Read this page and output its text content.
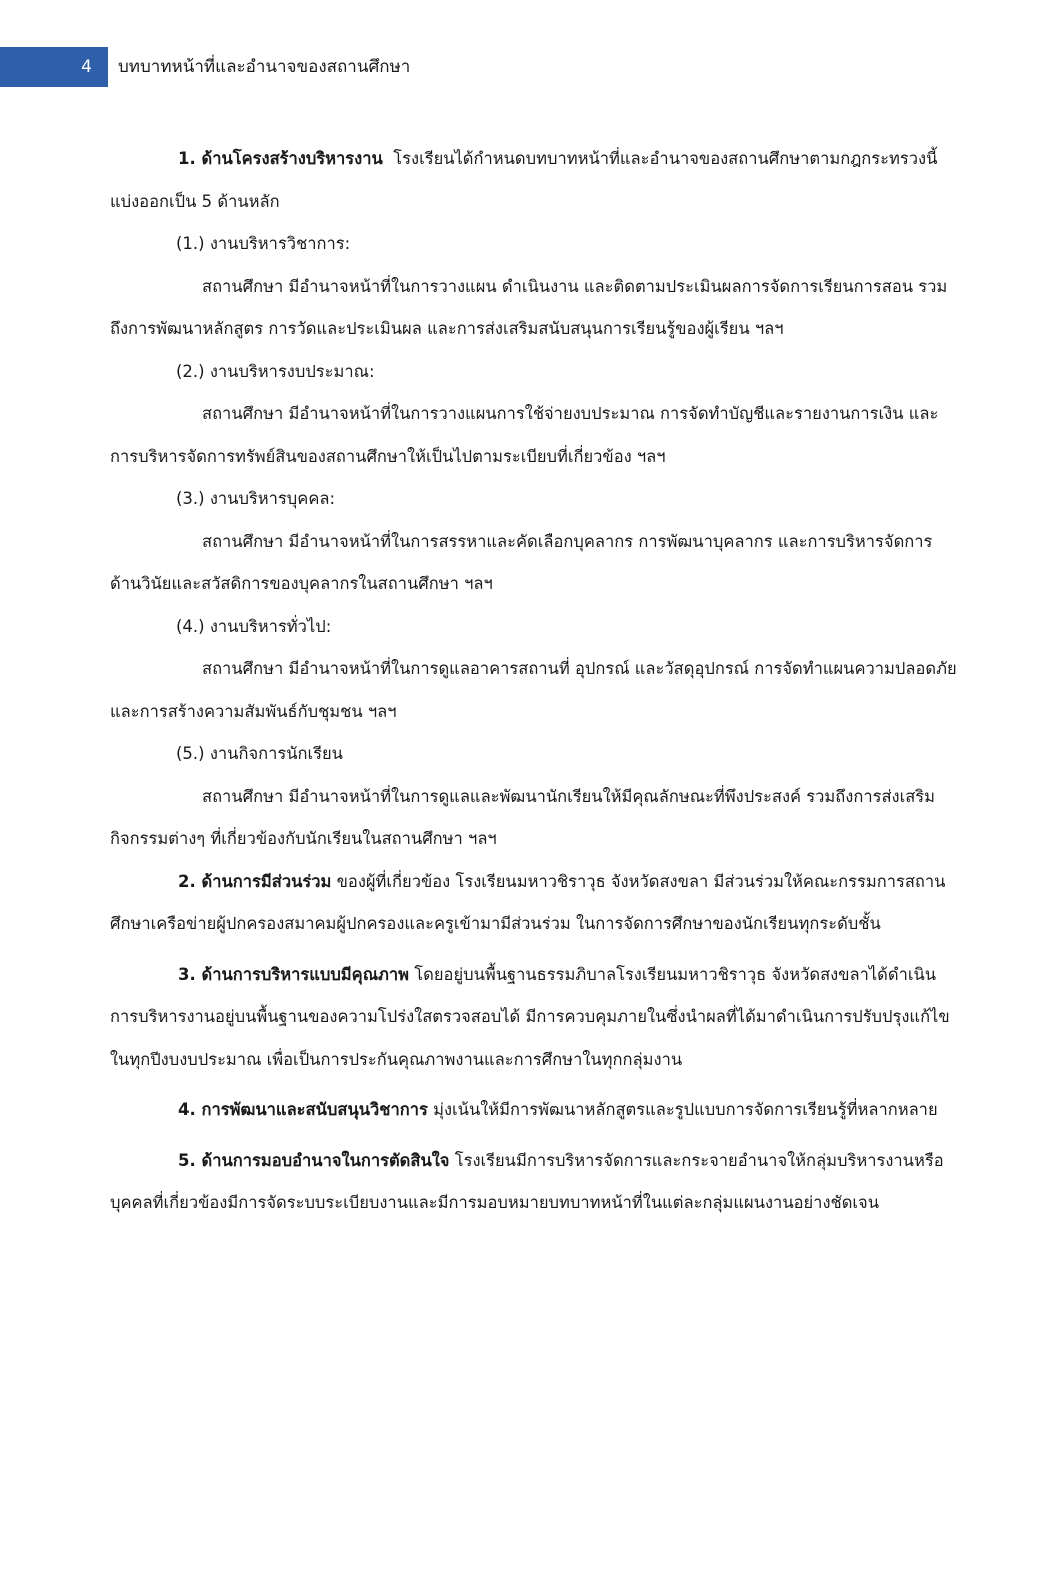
4	บทบาทหน้าที่และอำนาจของสถานศึกษา

1. ด้านโครงสร้างบริหารงาน โรงเรียนได้กำหนดบทบาทหน้าที่และอำนาจของสถานศึกษาตามกฎกระทรวงนี้ แบ่งออกเป็น 5 ด้านหลัก

(1.) งานบริหารวิชาการ:

สถานศึกษา มีอำนาจหน้าที่ในการวางแผน ดำเนินงาน และติดตามประเมินผลการจัดการเรียนการสอน รวมถึงการพัฒนาหลักสูตร การวัดและประเมินผล และการส่งเสริมสนับสนุนการเรียนรู้ของผู้เรียน ฯลฯ

(2.) งานบริหารงบประมาณ:

สถานศึกษา มีอำนาจหน้าที่ในการวางแผนการใช้จ่ายงบประมาณ การจัดทำบัญชีและรายงานการเงิน และการบริหารจัดการทรัพย์สินของสถานศึกษาให้เป็นไปตามระเบียบที่เกี่ยวข้อง ฯลฯ

(3.) งานบริหารบุคคล:

สถานศึกษา มีอำนาจหน้าที่ในการสรรหาและคัดเลือกบุคลากร การพัฒนาบุคลากร และการบริหารจัดการด้านวินัยและสวัสดิการของบุคลากรในสถานศึกษา ฯลฯ

(4.) งานบริหารทั่วไป:

สถานศึกษา มีอำนาจหน้าที่ในการดูแลอาคารสถานที่ อุปกรณ์ และวัสดุอุปกรณ์ การจัดทำแผนความปลอดภัย และการสร้างความสัมพันธ์กับชุมชน ฯลฯ

(5.) งานกิจการนักเรียน

สถานศึกษา มีอำนาจหน้าที่ในการดูแลและพัฒนานักเรียนให้มีคุณลักษณะที่พึงประสงค์ รวมถึงการส่งเสริมกิจกรรมต่างๆ ที่เกี่ยวข้องกับนักเรียนในสถานศึกษา ฯลฯ

2. ด้านการมีส่วนร่วม ของผู้ที่เกี่ยวข้อง โรงเรียนมหาวชิราวุธ จังหวัดสงขลา มีส่วนร่วมให้คณะกรรมการสถานศึกษาเครือข่ายผู้ปกครองสมาคมผู้ปกครองและครูเข้ามามีส่วนร่วม ในการจัดการศึกษาของนักเรียนทุกระดับชั้น

3. ด้านการบริหารแบบมีคุณภาพ โดยอยู่บนพื้นฐานธรรมภิบาลโรงเรียนมหาวชิราวุธ จังหวัดสงขลาได้ดำเนินการบริหารงานอยู่บนพื้นฐานของความโปร่งใสตรวจสอบได้ มีการควบคุมภายในซึ่งนำผลที่ได้มาดำเนินการปรับปรุงแก้ไขในทุกปีงบงบประมาณ เพื่อเป็นการประกันคุณภาพงานและการศึกษาในทุกกลุ่มงาน

4. การพัฒนาและสนับสนุนวิชาการ มุ่งเน้นให้มีการพัฒนาหลักสูตรและรูปแบบการจัดการเรียนรู้ที่หลากหลาย

5. ด้านการมอบอำนาจในการตัดสินใจ โรงเรียนมีการบริหารจัดการและกระจายอำนาจให้กลุ่มบริหารงานหรือบุคคลที่เกี่ยวข้องมีการจัดระบบระเบียบงานและมีการมอบหมายบทบาทหน้าที่ในแต่ละกลุ่มแผนงานอย่างชัดเจน
